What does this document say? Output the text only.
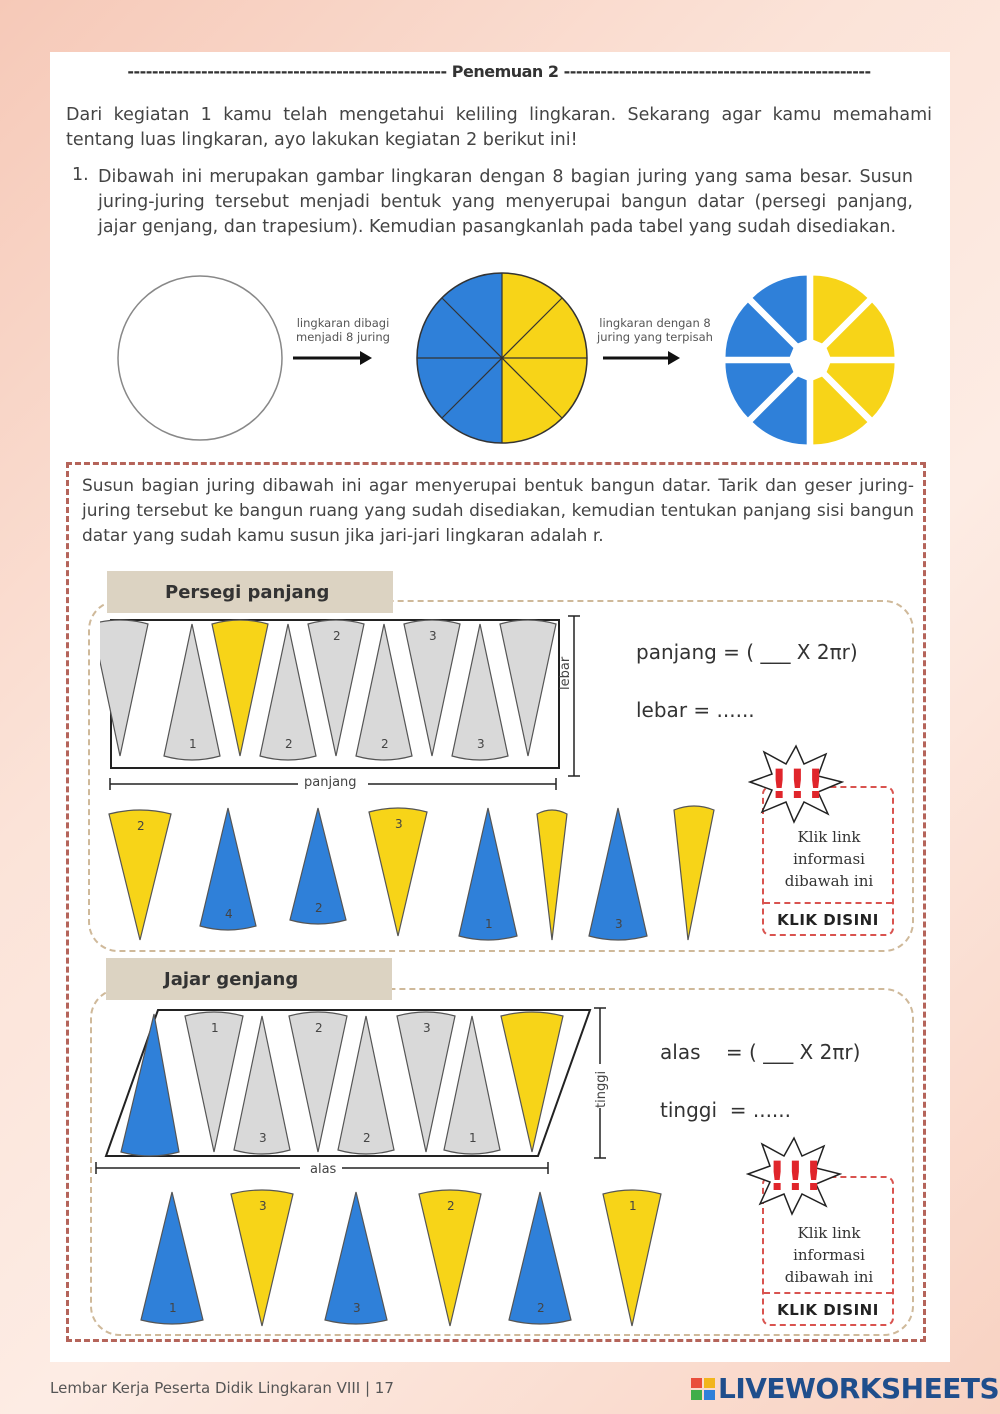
---------------------------------------------------- Penemuan 2 --------------------------------------------------
Dari kegiatan 1 kamu telah mengetahui keliling lingkaran. Sekarang agar kamu memahami tentang luas lingkaran, ayo lakukan kegiatan 2 berikut ini!
1. Dibawah ini merupakan gambar lingkaran dengan 8 bagian juring yang sama besar. Susun juring-juring tersebut menjadi bentuk yang menyerupai bangun datar (persegi panjang, jajar genjang, dan trapesium). Kemudian pasangkanlah pada tabel yang sudah disediakan.
lingkaran dibagi menjadi 8 juring
lingkaran dengan 8 juring yang terpisah
Susun bagian juring dibawah ini agar menyerupai bentuk bangun datar. Tarik dan geser juring-juring tersebut ke bangun ruang yang sudah disediakan, kemudian tentukan panjang sisi bangun datar yang sudah kamu susun jika jari-jari lingkaran adalah r.
Persegi panjang
1	2
2
2
3
3
lebar
panjang
panjang = ( ___ X 2πr)
lebar = ......
2
4	2
3
1	3
Klik link informasi dibawah ini
KLIK DISINI
!!!
Jajar genjang
1
3
2
2
3
1
tinggi
alas
alas    = ( ___ X 2πr)
tinggi  = ......
1
3
3
2
2
1
Klik link informasi dibawah ini
KLIK DISINI
!!!
Lembar Kerja Peserta Didik Lingkaran VIII | 17	LIVEWORKSHEETS
